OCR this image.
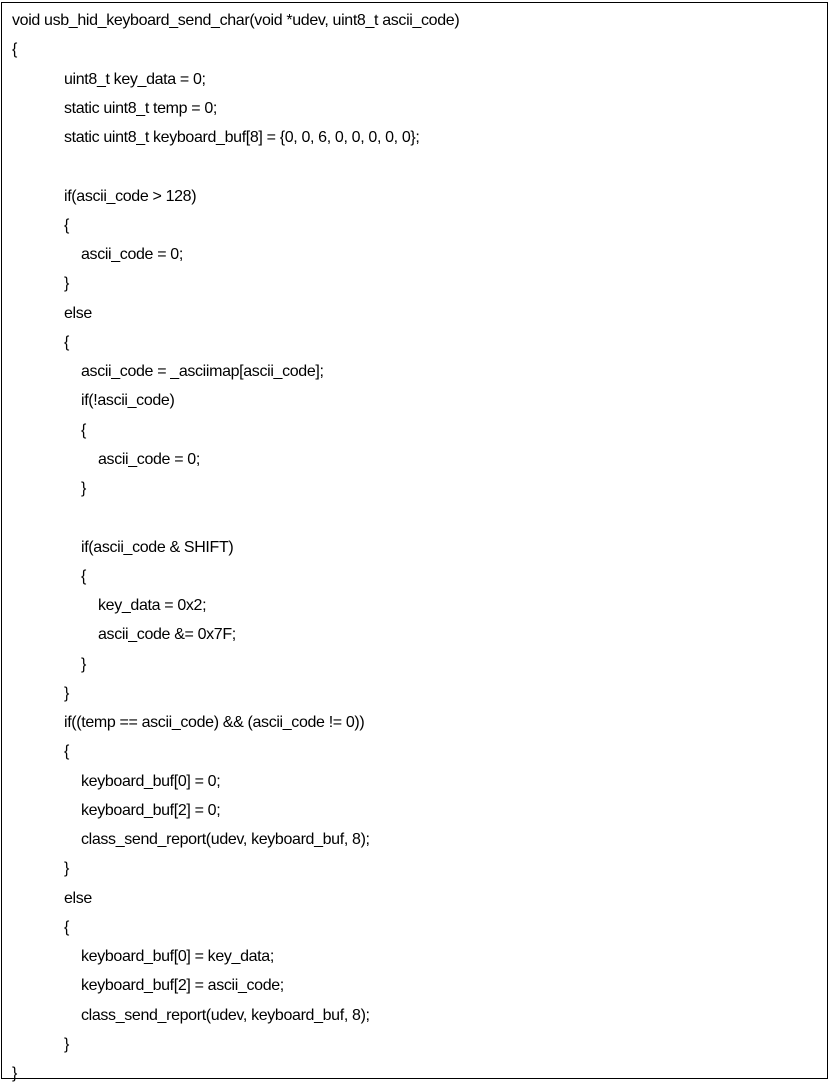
void usb_hid_keyboard_send_char(void *udev, uint8_t ascii_code)
{
uint8_t key_data = 0;
static uint8_t temp = 0;
static uint8_t keyboard_buf[8] = {0, 0, 6, 0, 0, 0, 0, 0};
if(ascii_code > 128)
{
ascii_code = 0;
}
else
{
ascii_code = _asciimap[ascii_code];
if(!ascii_code)
{
ascii_code = 0;
}
if(ascii_code & SHIFT)
{
key_data = 0x2;
ascii_code &= 0x7F;
}
}
if((temp == ascii_code) && (ascii_code != 0))
{
keyboard_buf[0] = 0;
keyboard_buf[2] = 0;
class_send_report(udev, keyboard_buf, 8);
}
else
{
keyboard_buf[0] = key_data;
keyboard_buf[2] = ascii_code;
class_send_report(udev, keyboard_buf, 8);
}
}
